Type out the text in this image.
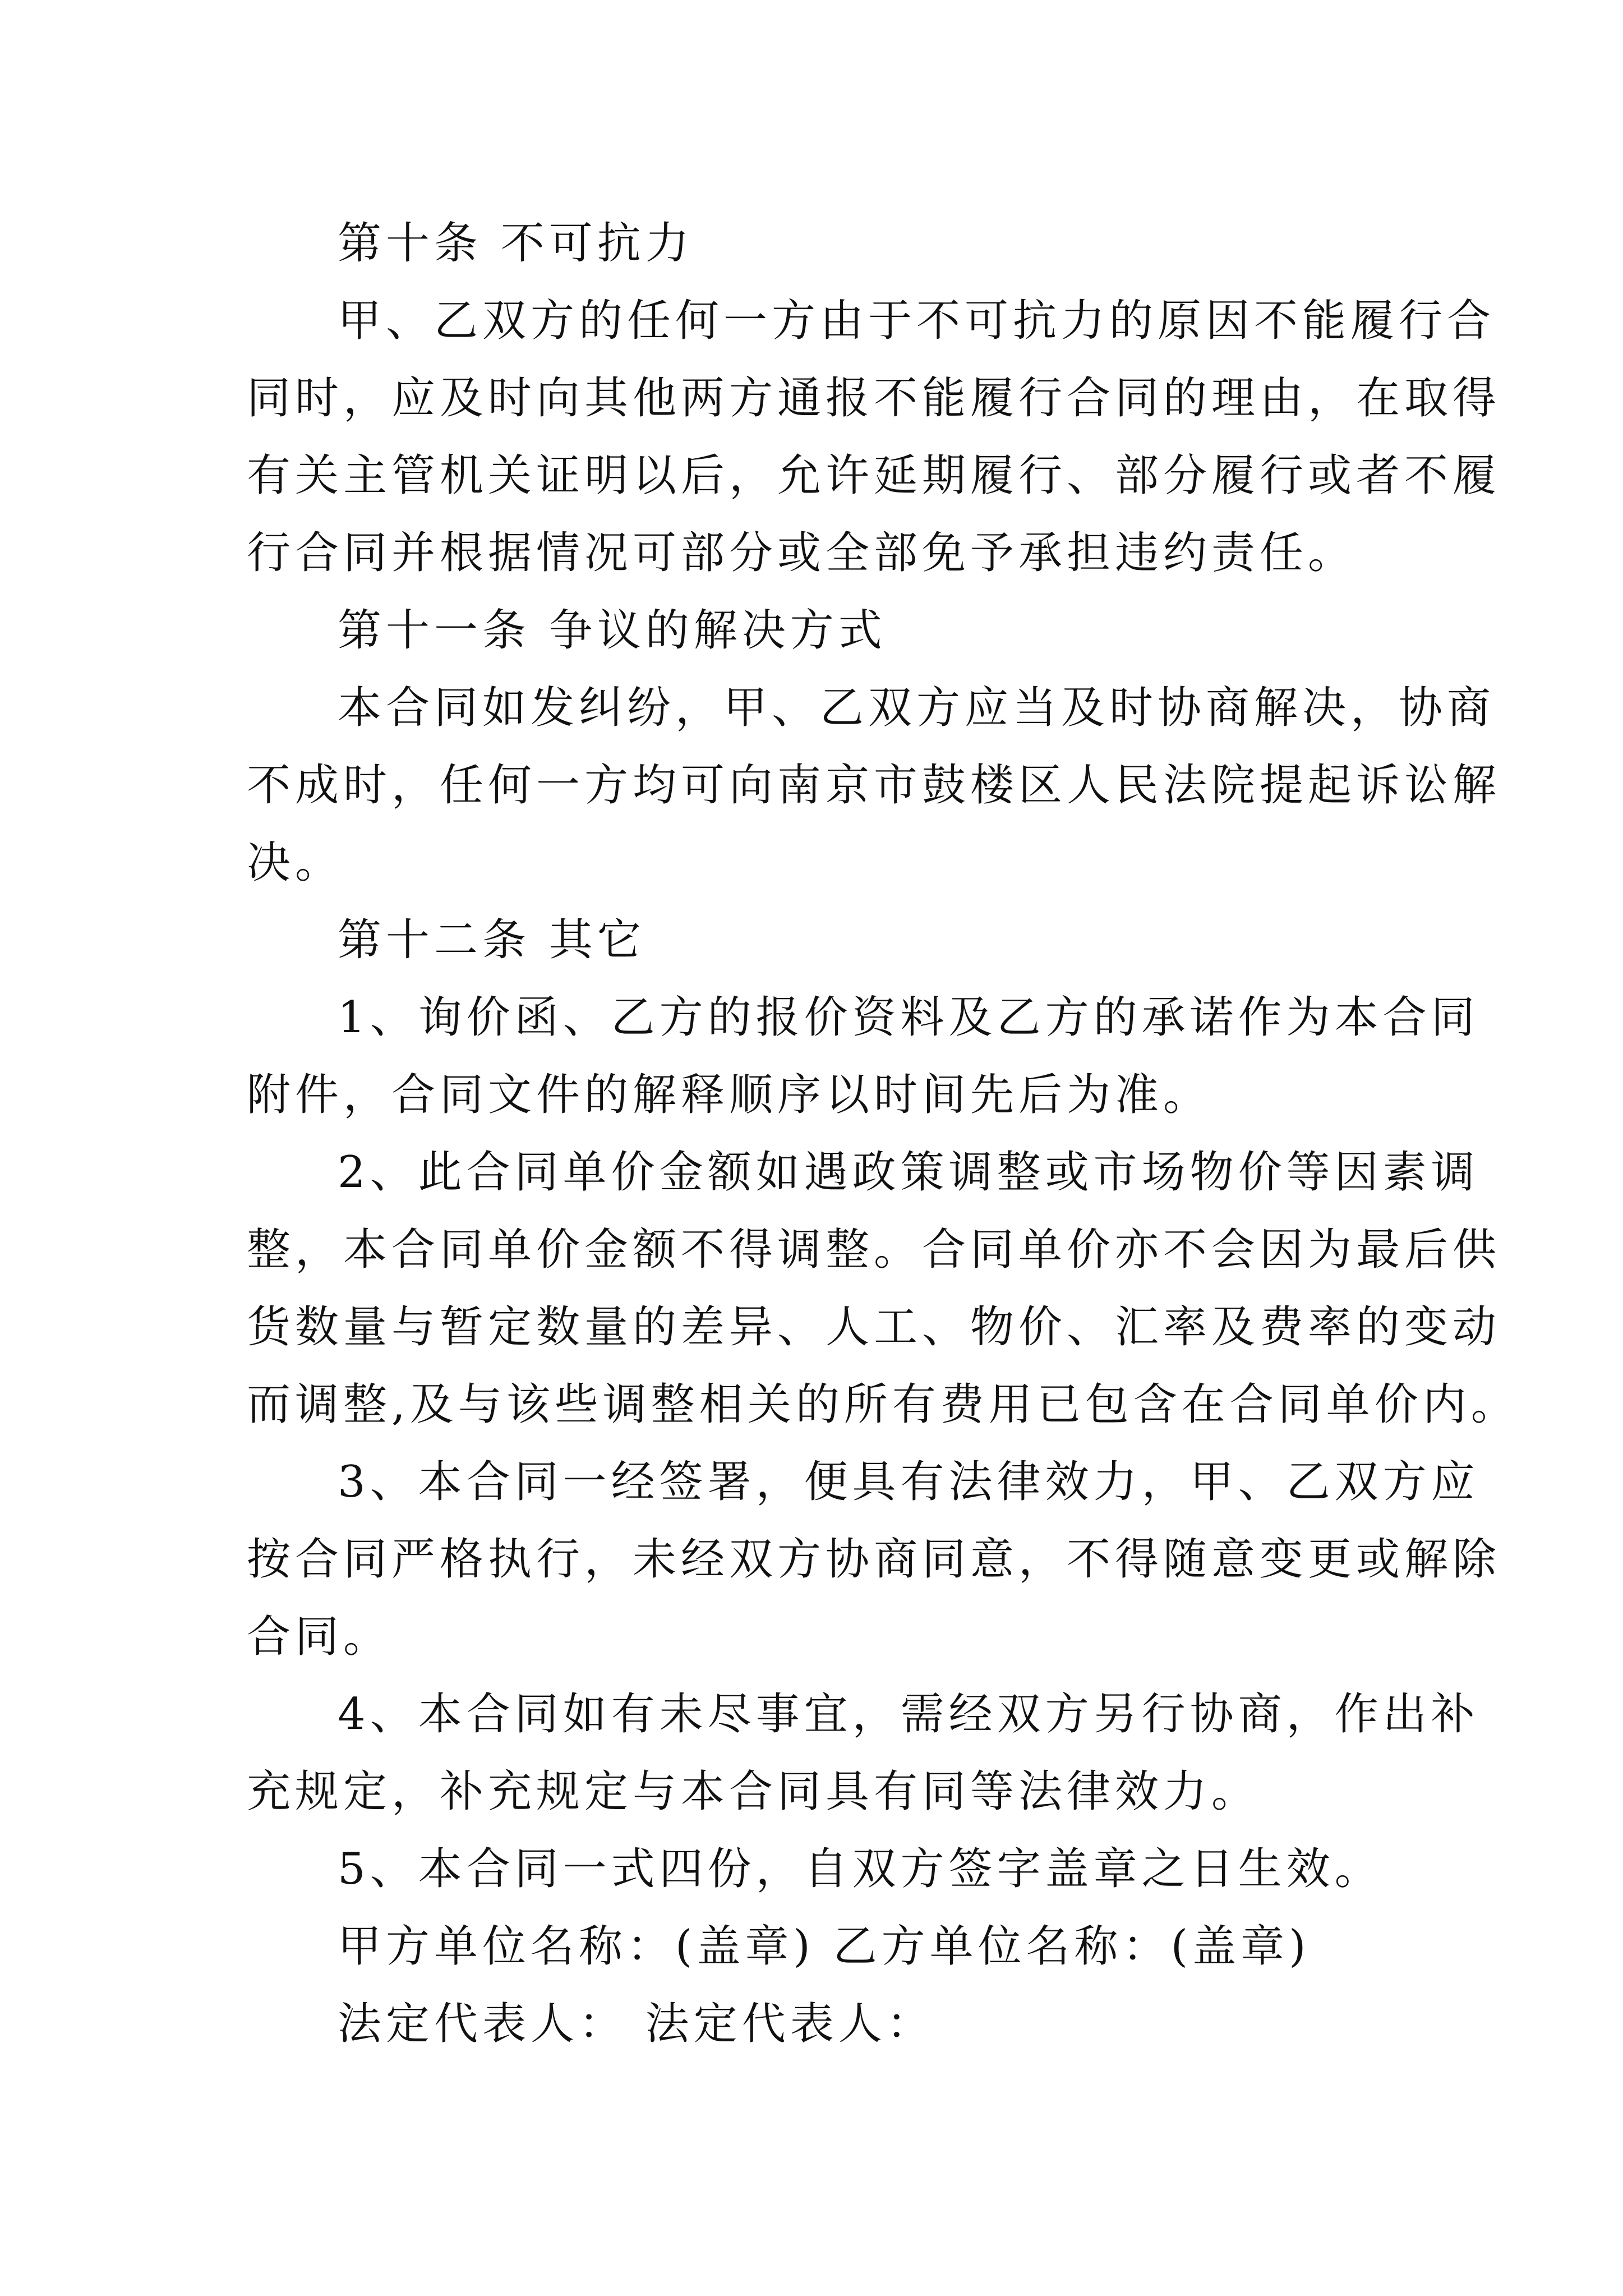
第十条 不可抗力
甲、乙双方的任何一方由于不可抗力的原因不能履行合
同时，应及时向其他两方通报不能履行合同的理由，在取得
有关主管机关证明以后，允许延期履行、部分履行或者不履
行合同并根据情况可部分或全部免予承担违约责任。
第十一条 争议的解决方式
本合同如发纠纷，甲、乙双方应当及时协商解决，协商
不成时，任何一方均可向南京市鼓楼区人民法院提起诉讼解
决。
第十二条 其它
1、询价函、乙方的报价资料及乙方的承诺作为本合同
附件，合同文件的解释顺序以时间先后为准。
2、此合同单价金额如遇政策调整或市场物价等因素调
整，本合同单价金额不得调整。合同单价亦不会因为最后供
货数量与暂定数量的差异、人工、物价、汇率及费率的变动
而调整,及与该些调整相关的所有费用已包含在合同单价内。
3、本合同一经签署，便具有法律效力，甲、乙双方应
按合同严格执行，未经双方协商同意，不得随意变更或解除
合同。
4、本合同如有未尽事宜，需经双方另行协商，作出补
充规定，补充规定与本合同具有同等法律效力。
5、本合同一式四份，自双方签字盖章之日生效。
甲方单位名称：(盖章) 乙方单位名称：(盖章)
法定代表人： 法定代表人：
